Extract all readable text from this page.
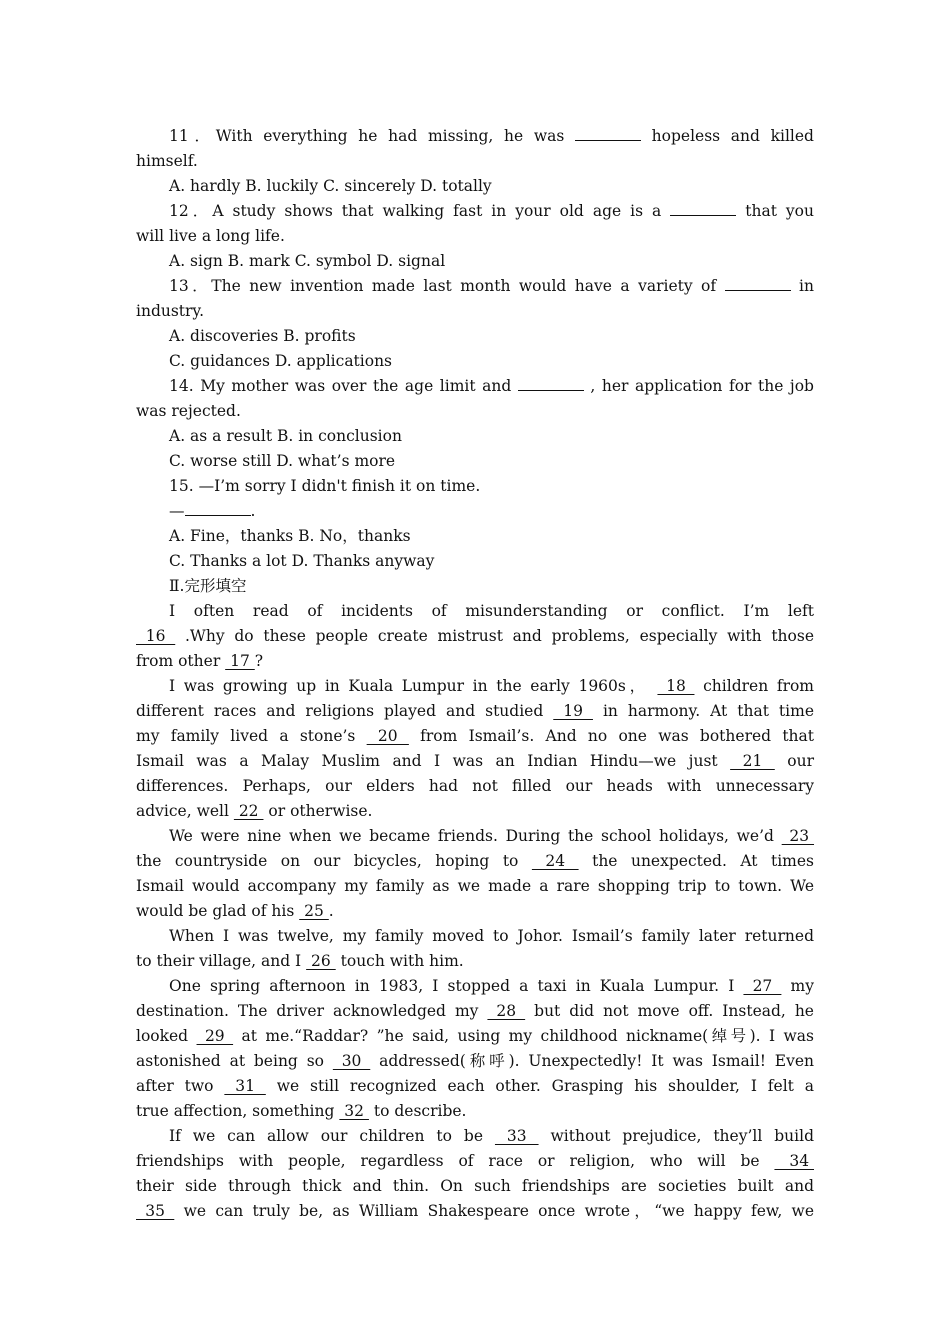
11．With everything he had missing, he was	hopeless and killed
himself.
A. hardly B. luckily C. sincerely D. totally
12．A study shows that walking fast in your old age is a	that you
will live a long life.
A. sign B. mark C. symbol D. signal
13．The new invention made last month would have a variety of	in
industry.
A. discoveries B. profits
C. guidances D. applications
14. My mother was over the age limit and	, her application for the job
was rejected.
A. as a result B. in conclusion
C. worse still D. what’s more
15. —I’m sorry I didn't finish it on time.
—	.
A. Fine，thanks B. No，thanks
C. Thanks a lot D. Thanks anyway
Ⅱ.完形填空
I often read of incidents of misunderstanding or conflict. I’m left
16  .Why do these people create mistrust and problems, especially with those
from other  17 ?
I was growing up in Kuala Lumpur in the early 1960s，  18  children from
different races and religions played and studied  19  in harmony. At that time
my family lived a stone’s  20  from Ismail’s. And no one was bothered that
Ismail was a Malay Muslim and I was an Indian Hindu—we just  21  our
differences. Perhaps, our elders had not filled our heads with unnecessary
advice, well  22  or otherwise.
We were nine when we became friends. During the school holidays, we’d  23
the countryside on our bicycles, hoping to  24  the unexpected. At times
Ismail would accompany my family as we made a rare shopping trip to town. We
would be glad of his  25 .
When I was twelve, my family moved to Johor. Ismail’s family later returned
to their village, and I  26  touch with him.
One spring afternoon in 1983, I stopped a taxi in Kuala Lumpur. I  27  my
destination. The driver acknowledged my  28  but did not move off. Instead, he
looked  29  at me.“Raddar? ”he said, using my childhood nickname(绰号). I was
astonished at being so  30  addressed(称呼). Unexpectedly! It was Ismail! Even
after two  31  we still recognized each other. Grasping his shoulder, I felt a
true affection, something  32  to describe.
If we can allow our children to be  33  without prejudice, they’ll build
friendships with people, regardless of race or religion, who will be  34
their side through thick and thin. On such friendships are societies built and
35  we can truly be, as William Shakespeare once wrote，“we happy few, we
